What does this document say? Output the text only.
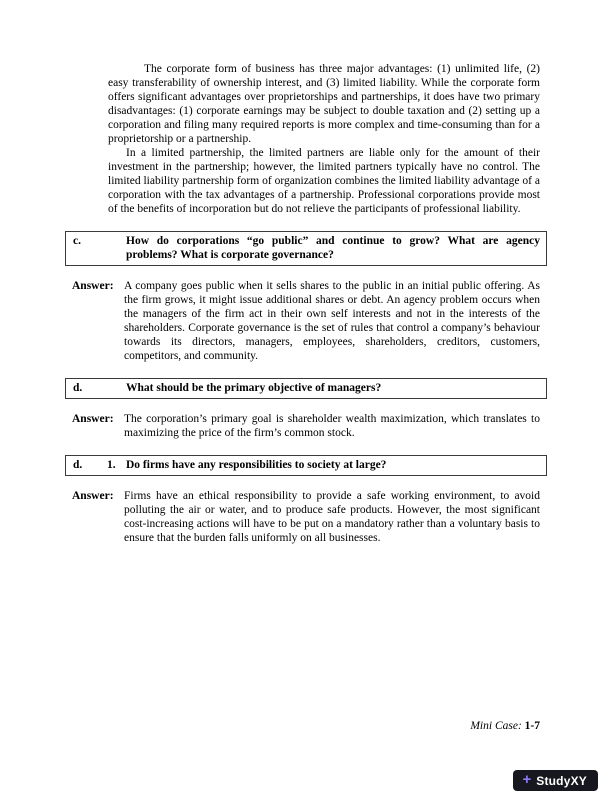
The corporate form of business has three major advantages: (1) unlimited life, (2) easy transferability of ownership interest, and (3) limited liability. While the corporate form offers significant advantages over proprietorships and partnerships, it does have two primary disadvantages: (1) corporate earnings may be subject to double taxation and (2) setting up a corporation and filing many required reports is more complex and time-consuming than for a proprietorship or a partnership.

In a limited partnership, the limited partners are liable only for the amount of their investment in the partnership; however, the limited partners typically have no control. The limited liability partnership form of organization combines the limited liability advantage of a corporation with the tax advantages of a partnership. Professional corporations provide most of the benefits of incorporation but do not relieve the participants of professional liability.

c.	How do corporations “go public” and continue to grow? What are agency problems? What is corporate governance?
Answer: A company goes public when it sells shares to the public in an initial public offering. As the firm grows, it might issue additional shares or debt. An agency problem occurs when the managers of the firm act in their own self interests and not in the interests of the shareholders. Corporate governance is the set of rules that control a company’s behaviour towards its directors, managers, employees, shareholders, creditors, customers, competitors, and community.
d.	What should be the primary objective of managers?
Answer: The corporation’s primary goal is shareholder wealth maximization, which translates to maximizing the price of the firm’s common stock.
d.	1. Do firms have any responsibilities to society at large?
Answer: Firms have an ethical responsibility to provide a safe working environment, to avoid polluting the air or water, and to produce safe products. However, the most significant cost-increasing actions will have to be put on a mandatory rather than a voluntary basis to ensure that the burden falls uniformly on all businesses.
Mini Case: 1-7
+ StudyXY
